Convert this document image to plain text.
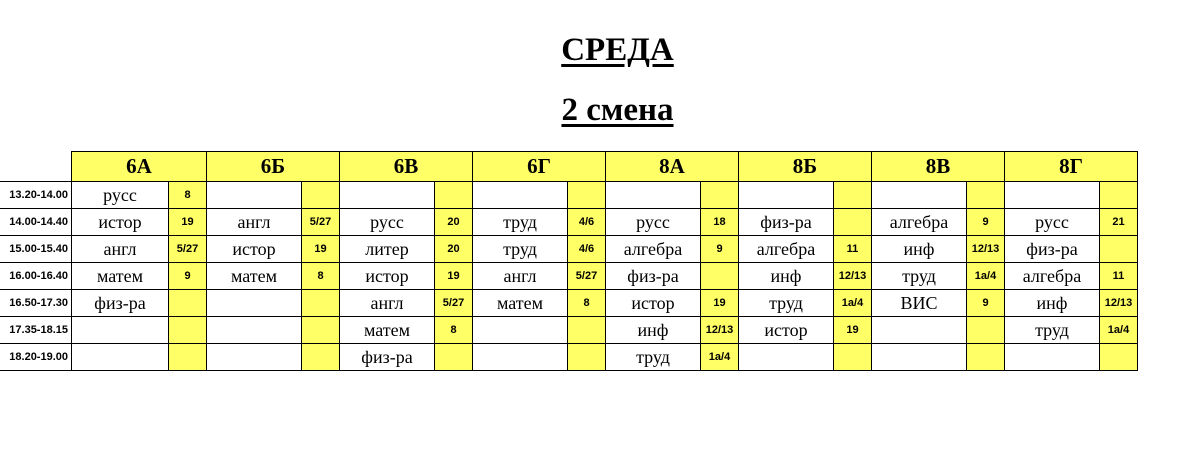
СРЕДА
2 смена
	6А		6Б		6В		6Г		8А		8Б		8В		8Г	
13.20-14.00	русс	8														
14.00-14.40	истор	19	англ	5/27	русс	20	труд	4/6	русс	18	физ-ра		алгебра	9	русс	21
15.00-15.40	англ	5/27	истор	19	литер	20	труд	4/6	алгебра	9	алгебра	11	инф	12/13	физ-ра	
16.00-16.40	матем	9	матем	8	истор	19	англ	5/27	физ-ра		инф	12/13	труд	1а/4	алгебра	11
16.50-17.30	физ-ра				англ	5/27	матем	8	истор	19	труд	1а/4	ВИС	9	инф	12/13
17.35-18.15					матем	8			инф	12/13	истор	19			труд	1а/4
18.20-19.00					физ-ра				труд	1а/4						
